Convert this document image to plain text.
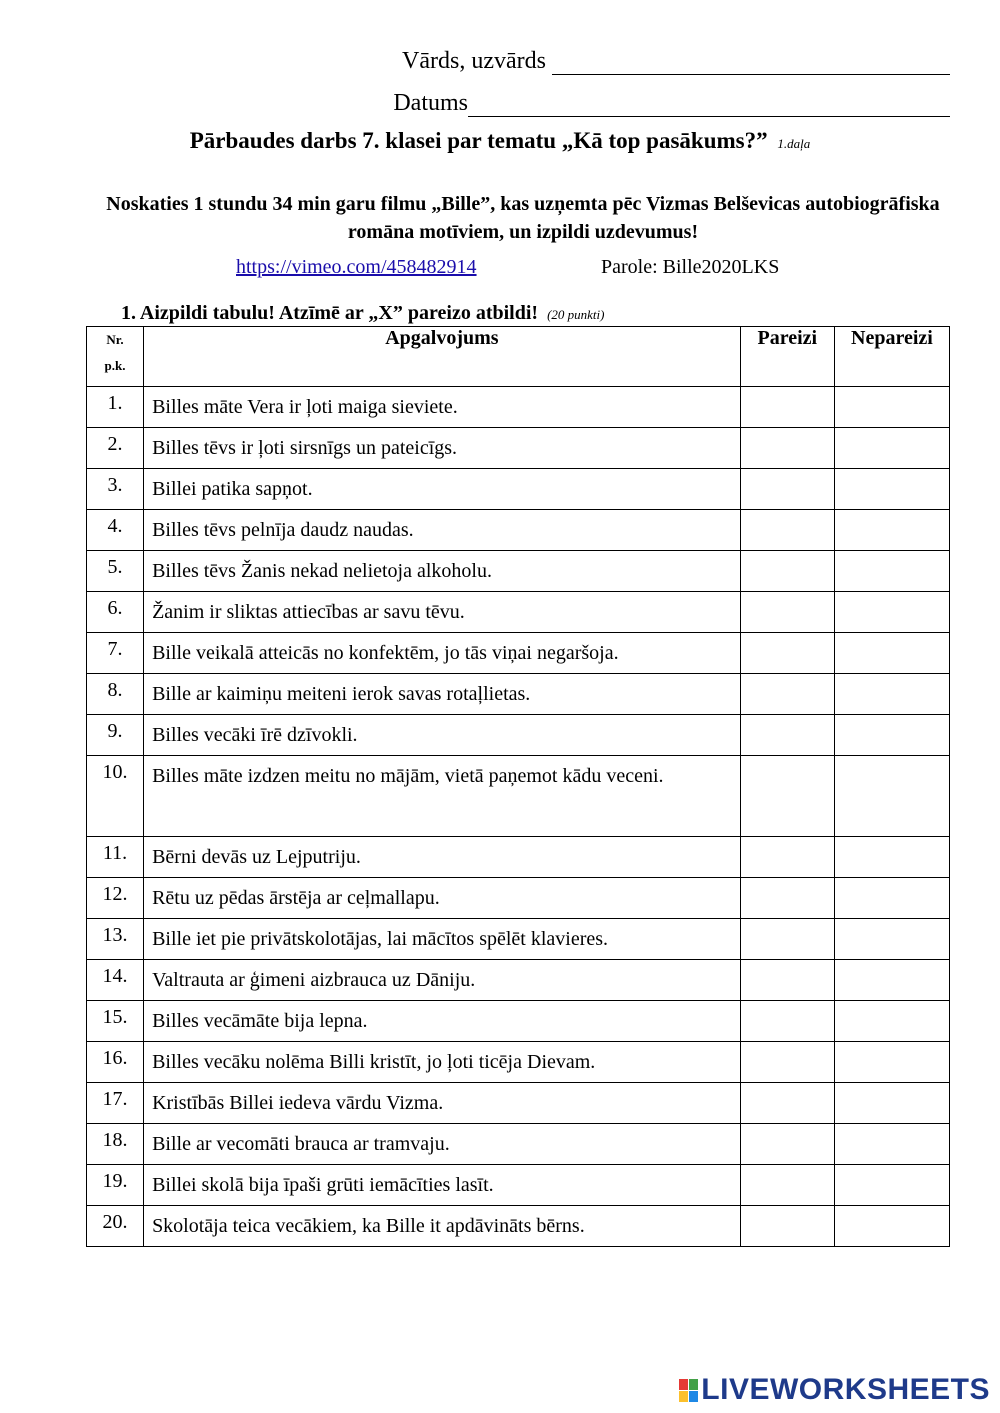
Vārds, uzvārds
Datums
Pārbaudes darbs 7. klasei par tematu „Kā top pasākums?” 1.daļa
Noskaties 1 stundu 34 min garu filmu „Bille”, kas uzņemta pēc Vizmas Belševicas autobiogrāfiska romāna motīviem, un izpildi uzdevumus!
https://vimeo.com/458482914	Parole: Bille2020LKS
1. Aizpildi tabulu! Atzīmē ar „X” pareizo atbildi! (20 punkti)
Nr.
p.k.	Apgalvojums	Pareizi	Nepareizi
1.	Billes māte Vera ir ļoti maiga sieviete.		
2.	Billes tēvs ir ļoti sirsnīgs un pateicīgs.		
3.	Billei patika sapņot.		
4.	Billes tēvs pelnīja daudz naudas.		
5.	Billes tēvs Žanis nekad nelietoja alkoholu.		
6.	Žanim ir sliktas attiecības ar savu tēvu.		
7.	Bille veikalā atteicās no konfektēm, jo tās viņai negaršoja.		
8.	Bille ar kaimiņu meiteni ierok savas rotaļlietas.		
9.	Billes vecāki īrē dzīvokli.		
10.	Billes māte izdzen meitu no mājām, vietā paņemot kādu veceni.		
11.	Bērni devās uz Lejputriju.		
12.	Rētu uz pēdas ārstēja ar ceļmallapu.		
13.	Bille iet pie privātskolotājas, lai mācītos spēlēt klavieres.		
14.	Valtrauta ar ģimeni aizbrauca uz Dāniju.		
15.	Billes vecāmāte bija lepna.		
16.	Billes vecāku nolēma Billi kristīt, jo ļoti ticēja Dievam.		
17.	Kristībās Billei iedeva vārdu Vizma.		
18.	Bille ar vecomāti brauca ar tramvaju.		
19.	Billei skolā bija īpaši grūti iemācīties lasīt.		
20.	Skolotāja teica vecākiem, ka Bille it apdāvināts bērns.		
LIVEWORKSHEETS
